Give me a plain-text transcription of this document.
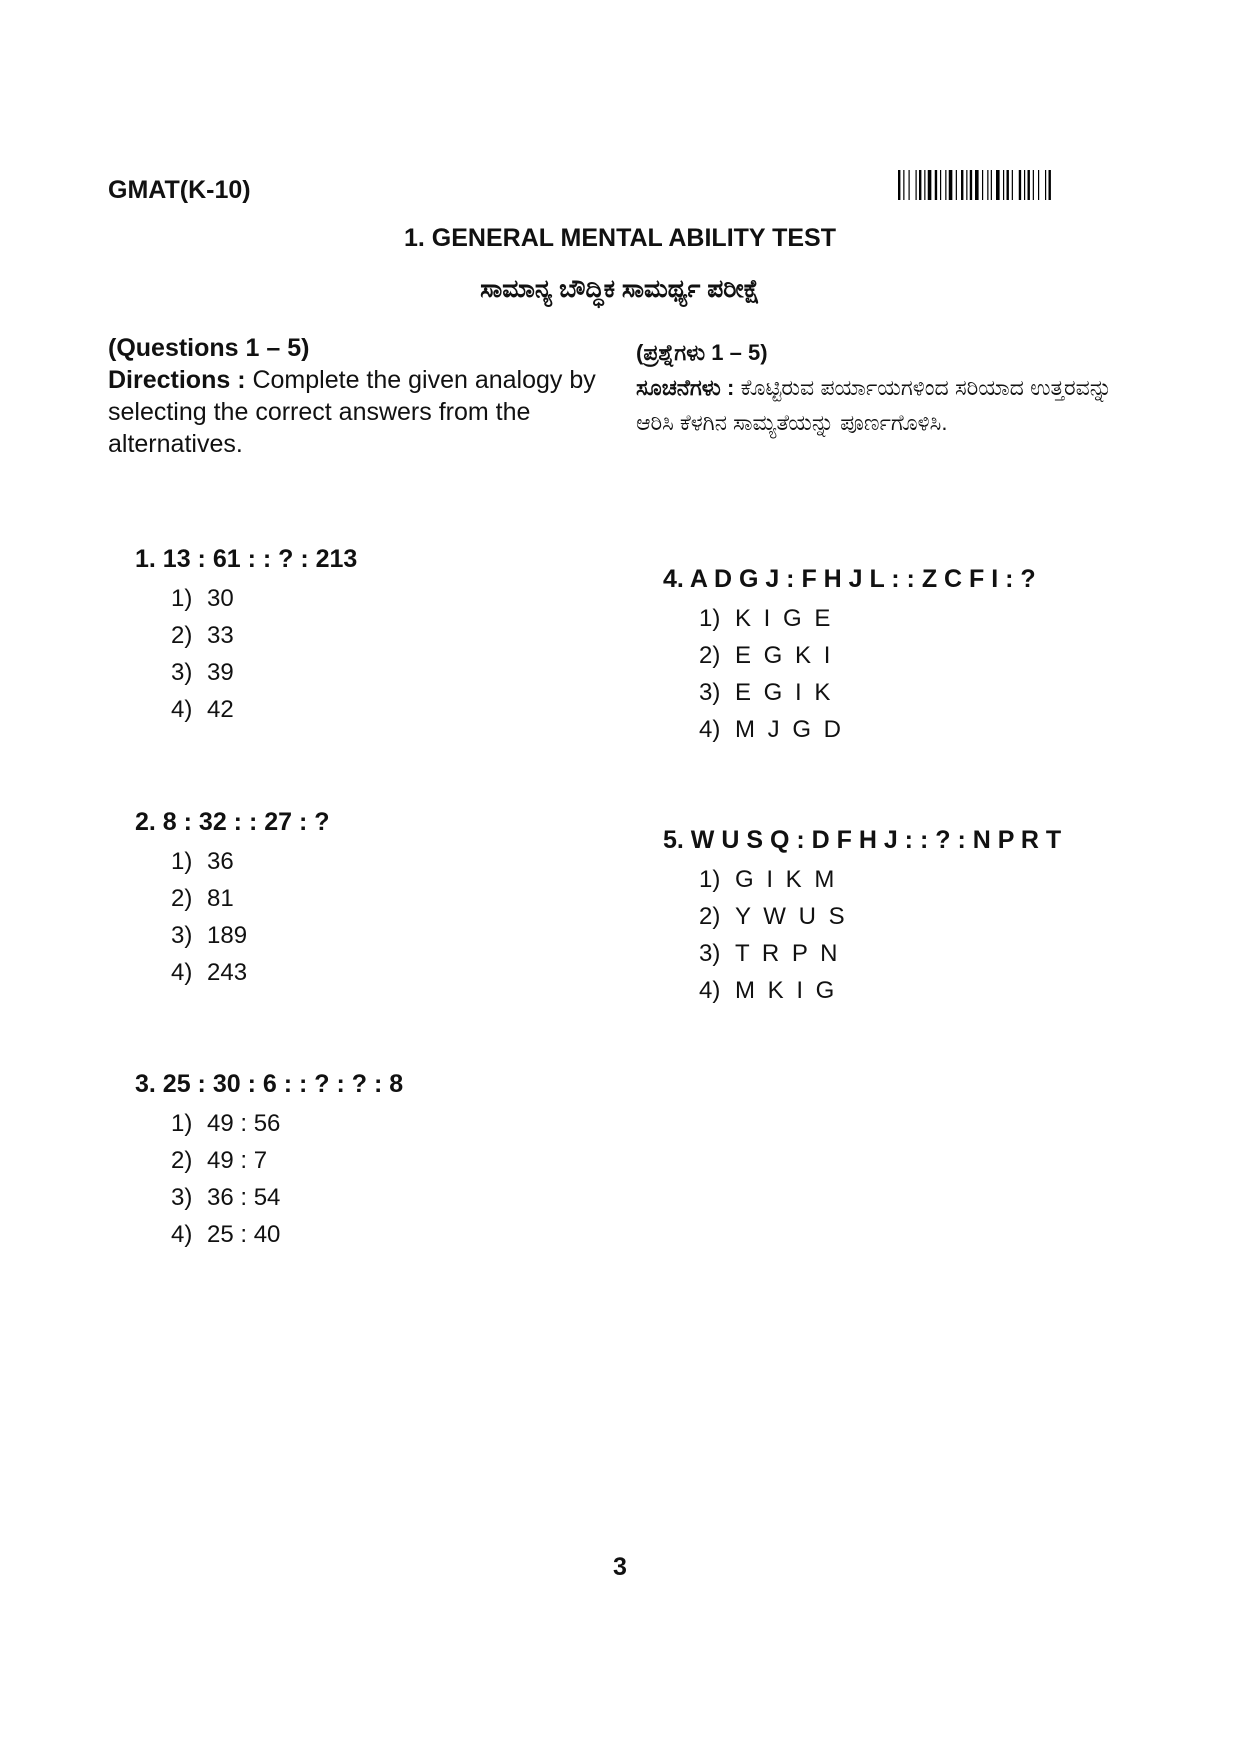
GMAT(K-10)
1. GENERAL MENTAL ABILITY TEST
ಸಾಮಾನ್ಯ ಬೌದ್ಧಿಕ ಸಾಮರ್ಥ್ಯ ಪರೀಕ್ಷೆ
(Questions 1 – 5)
Directions : Complete the given analogy by selecting the correct answers from the alternatives.
(ಪ್ರಶ್ನೆಗಳು 1 – 5)
ಸೂಚನೆಗಳು : ಕೊಟ್ಟಿರುವ ಪರ್ಯಾಯಗಳಿಂದ ಸರಿಯಾದ ಉತ್ತರವನ್ನು ಆರಿಸಿ ಕೆಳಗಿನ ಸಾಮ್ಯತೆಯನ್ನು ಪೂರ್ಣಗೊಳಿಸಿ.
1. 13 : 61 : : ? : 213
1) 30
2) 33
3) 39
4) 42
2. 8 : 32 : : 27 : ?
1) 36
2) 81
3) 189
4) 243
3. 25 : 30 : 6 : : ? : ? : 8
1) 49 : 56
2) 49 : 7
3) 36 : 54
4) 25 : 40
4. A D G J : F H J L : : Z C F I : ?
1) K I G E
2) E G K I
3) E G I K
4) M J G D
5. W U S Q : D F H J : : ? : N P R T
1) G I K M
2) Y W U S
3) T R P N
4) M K I G
3
